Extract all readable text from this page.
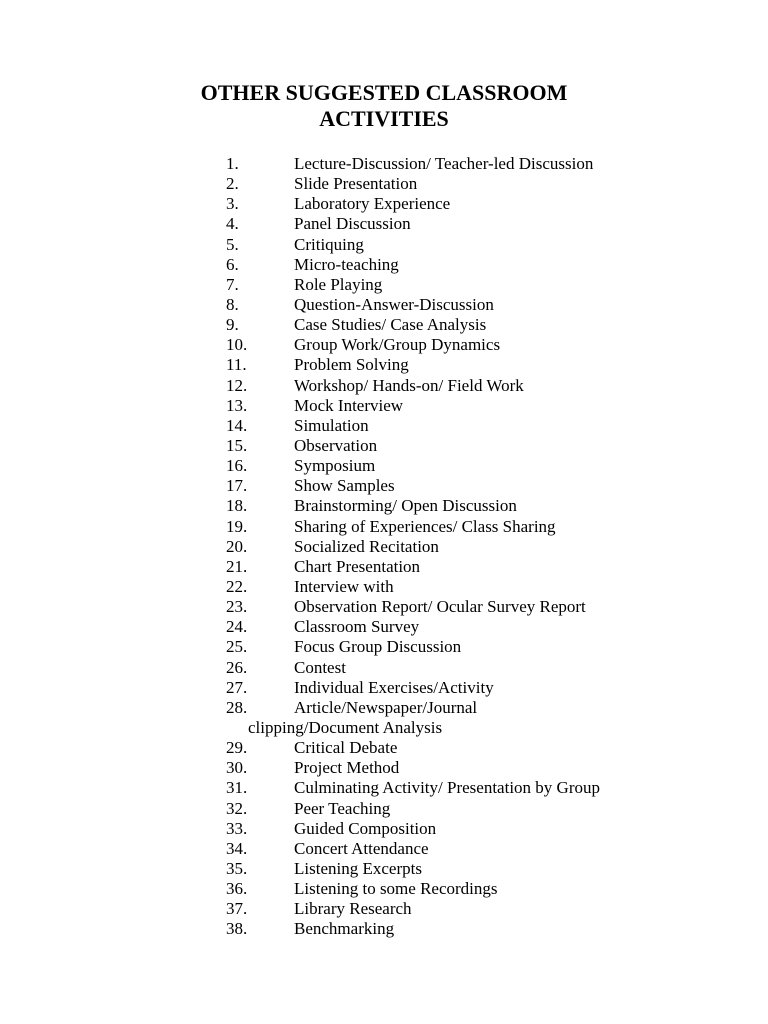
OTHER SUGGESTED CLASSROOM
ACTIVITIES
1.	Lecture-Discussion/ Teacher-led Discussion
2.	Slide Presentation
3.	Laboratory Experience
4.	Panel Discussion
5.	Critiquing
6.	Micro-teaching
7.	Role Playing
8.	Question-Answer-Discussion
9.	Case Studies/ Case Analysis
10.	Group Work/Group Dynamics
11.	Problem Solving
12.	Workshop/ Hands-on/ Field Work
13.	Mock Interview
14.	Simulation
15.	Observation
16.	Symposium
17.	Show Samples
18.	Brainstorming/ Open Discussion
19.	Sharing of Experiences/ Class Sharing
20.	Socialized Recitation
21.	Chart Presentation
22.	Interview with
23.	Observation Report/ Ocular Survey Report
24.	Classroom Survey
25.	Focus Group Discussion
26.	Contest
27.	Individual Exercises/Activity
28.	Article/Newspaper/Journal
clipping/Document Analysis
29.	Critical Debate
30.	Project Method
31.	Culminating Activity/ Presentation by Group
32.	Peer Teaching
33.	Guided Composition
34.	Concert Attendance
35.	Listening Excerpts
36.	Listening to some Recordings
37.	Library Research
38.	Benchmarking
